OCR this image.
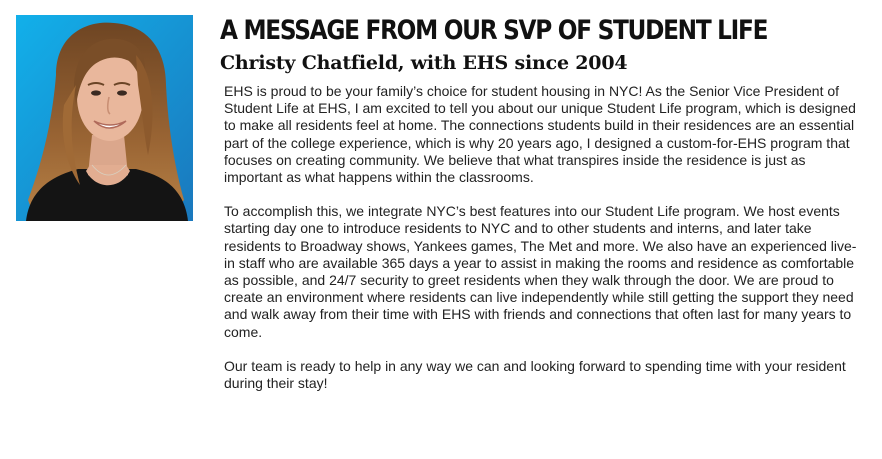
A MESSAGE FROM OUR SVP OF STUDENT LIFE
Christy Chatfield, with EHS since 2004

EHS is proud to be your family’s choice for student housing in NYC! As the Senior Vice President of Student Life at EHS, I am excited to tell you about our unique Student Life program, which is designed to make all residents feel at home. The connections students build in their residences are an essential part of the college experience, which is why 20 years ago, I designed a custom-for-EHS program that focuses on creating community. We believe that what transpires inside the residence is just as important as what happens within the classrooms.

To accomplish this, we integrate NYC’s best features into our Student Life program. We host events starting day one to introduce residents to NYC and to other students and interns, and later take residents to Broadway shows, Yankees games, The Met and more. We also have an experienced live-in staff who are available 365 days a year to assist in making the rooms and residence as comfortable as possible, and 24/7 security to greet residents when they walk through the door. We are proud to create an environment where residents can live independently while still getting the support they need and walk away from their time with EHS with friends and connections that often last for many years to come.

Our team is ready to help in any way we can and looking forward to spending time with your resident during their stay!
